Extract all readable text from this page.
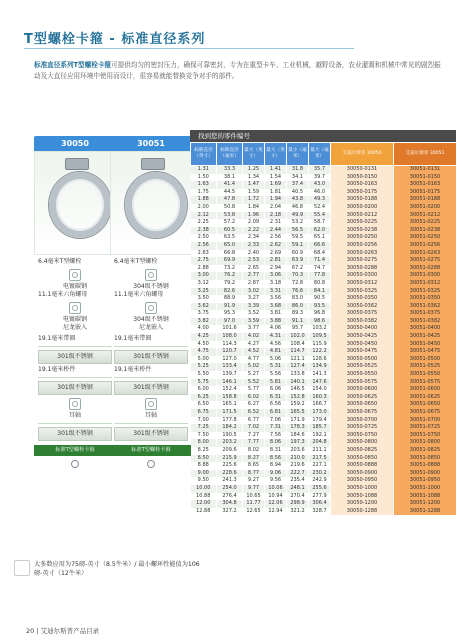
T型螺栓卡箍 - 标准直径系列
标准直径系列T型螺栓卡箍可提供均匀的密封压力，确保可靠密封，专为在重型卡车、工业机械，越野设备，农业灌溉和机械中常见的剧烈振动及大直径应用环境中使用而设计，很容易就能替换竞争对手的部件。
30050
6.4毫米T型螺栓
电镀碳钢
11.1毫米六角螺母
电镀碳钢
尼龙嵌入
19.1毫米带圈
301级不锈钢
19.1毫米桥件
301级不锈钢
耳轴
301级不锈钢
标准T型螺栓卡箍
30051
6.4毫米T型螺栓
304级不锈钢
11.1毫米六角螺母
304级不锈钢
尼龙嵌入
19.1毫米带圈
301级不锈钢
19.1毫米桥件
301级不锈钢
耳轴
301级不锈钢
标准T型螺栓卡箍
大多数应用为75磅-英寸（8.5牛米）/ 最小螺环性能值为106磅-英寸（12牛米）
20 | 艾迪尔斯普产品目录
找到您的零件编号
标称直径（英寸）	标称直径（毫米）	最大（英寸）	最大（英寸）	最小（毫米）	最大（毫米）	艾迪尔斯普 30050	艾迪尔斯普 30051
1.31	33.3	1.25	1.41	31.8	35.7	30050-0131	30051-0131
1.50	38.1	1.34	1.54	34.1	39.7	30050-0150	30051-0150
1.63	41.4	1.47	1.69	37.4	43.0	30050-0163	30051-0163
1.75	44.5	1.59	1.81	40.5	46.0	30050-0175	30051-0175
1.88	47.8	1.72	1.94	43.8	49.3	30050-0188	30051-0188
2.00	50.8	1.84	2.04	46.8	52.4	30050-0200	30051-0200
2.12	53.8	1.96	2.18	49.9	55.4	30050-0212	30051-0212
2.25	57.2	2.09	2.31	53.2	58.7	30050-0225	30051-0225
2.38	60.5	2.22	2.44	56.5	62.0	30050-0238	30051-0238
2.50	63.5	2.34	2.56	59.5	65.1	30050-0250	30051-0250
2.56	65.0	2.33	2.62	59.1	66.6	30050-0256	30051-0256
2.63	66.8	2.40	2.69	60.9	68.4	30050-0263	30051-0263
2.75	69.9	2.53	2.81	63.9	71.4	30050-0275	30051-0275
2.88	73.2	2.65	2.94	67.2	74.7	30050-0288	30051-0288
3.00	76.2	2.77	3.06	70.3	77.8	30050-0300	30051-0300
3.12	79.2	2.87	3.18	72.8	80.8	30050-0312	30051-0312
3.25	82.6	3.02	3.31	76.6	84.1	30050-0325	30051-0325
3.50	88.9	3.27	3.56	83.0	90.5	30050-0350	30051-0350
3.62	91.9	3.39	3.68	86.0	93.5	30050-0362	30051-0362
3.75	95.3	3.52	3.81	89.3	96.8	30050-0375	30051-0375
3.82	97.0	3.59	3.88	91.1	98.6	30050-0382	30051-0382
4.00	101.6	3.77	4.06	95.7	103.2	30050-0400	30051-0400
4.25	108.0	4.02	4.31	102.0	109.5	30050-0425	30051-0425
4.50	114.3	4.27	4.56	108.4	115.9	30050-0450	30051-0450
4.75	120.7	4.52	4.81	114.7	122.2	30050-0475	30051-0475
5.00	127.0	4.77	5.06	121.1	128.6	30050-0500	30051-0500
5.25	133.4	5.02	5.31	127.4	134.9	30050-0525	30051-0525
5.50	139.7	5.27	5.56	133.8	141.3	30050-0550	30051-0550
5.75	146.1	5.52	5.81	140.1	147.6	30050-0575	30051-0575
6.00	152.4	5.77	6.06	146.5	154.0	30050-0600	30051-0600
6.25	158.8	6.02	6.31	152.8	160.3	30050-0625	30051-0625
6.50	165.1	6.27	6.56	159.2	166.7	30050-0650	30051-0650
6.75	171.5	6.52	6.81	165.5	173.0	30050-0675	30051-0675
7.00	177.8	6.77	7.06	171.9	179.4	30050-0700	30051-0700
7.25	184.2	7.02	7.31	178.3	185.7	30050-0725	30051-0725
7.50	190.5	7.27	7.56	184.6	192.1	30050-0750	30051-0750
8.00	203.2	7.77	8.06	197.3	204.8	30050-0800	30051-0800
8.25	209.6	8.02	8.31	203.6	211.1	30050-0825	30051-0825
8.50	215.9	8.27	8.56	210.0	217.5	30050-0850	30051-0850
8.88	225.6	8.65	8.94	219.6	227.1	30050-0888	30051-0888
9.00	228.6	8.77	9.06	222.7	230.2	30050-0900	30051-0900
9.50	241.3	9.27	9.56	235.4	242.9	30050-0950	30051-0950
10.00	254.0	9.77	10.06	248.1	255.6	30050-1000	30051-1000
10.88	276.4	10.65	10.94	270.4	277.9	30050-1088	30051-1088
12.00	304.8	11.77	12.06	298.9	306.4	30050-1200	30051-1200
12.88	327.2	12.65	12.94	321.2	328.7	30050-1288	30051-1288
